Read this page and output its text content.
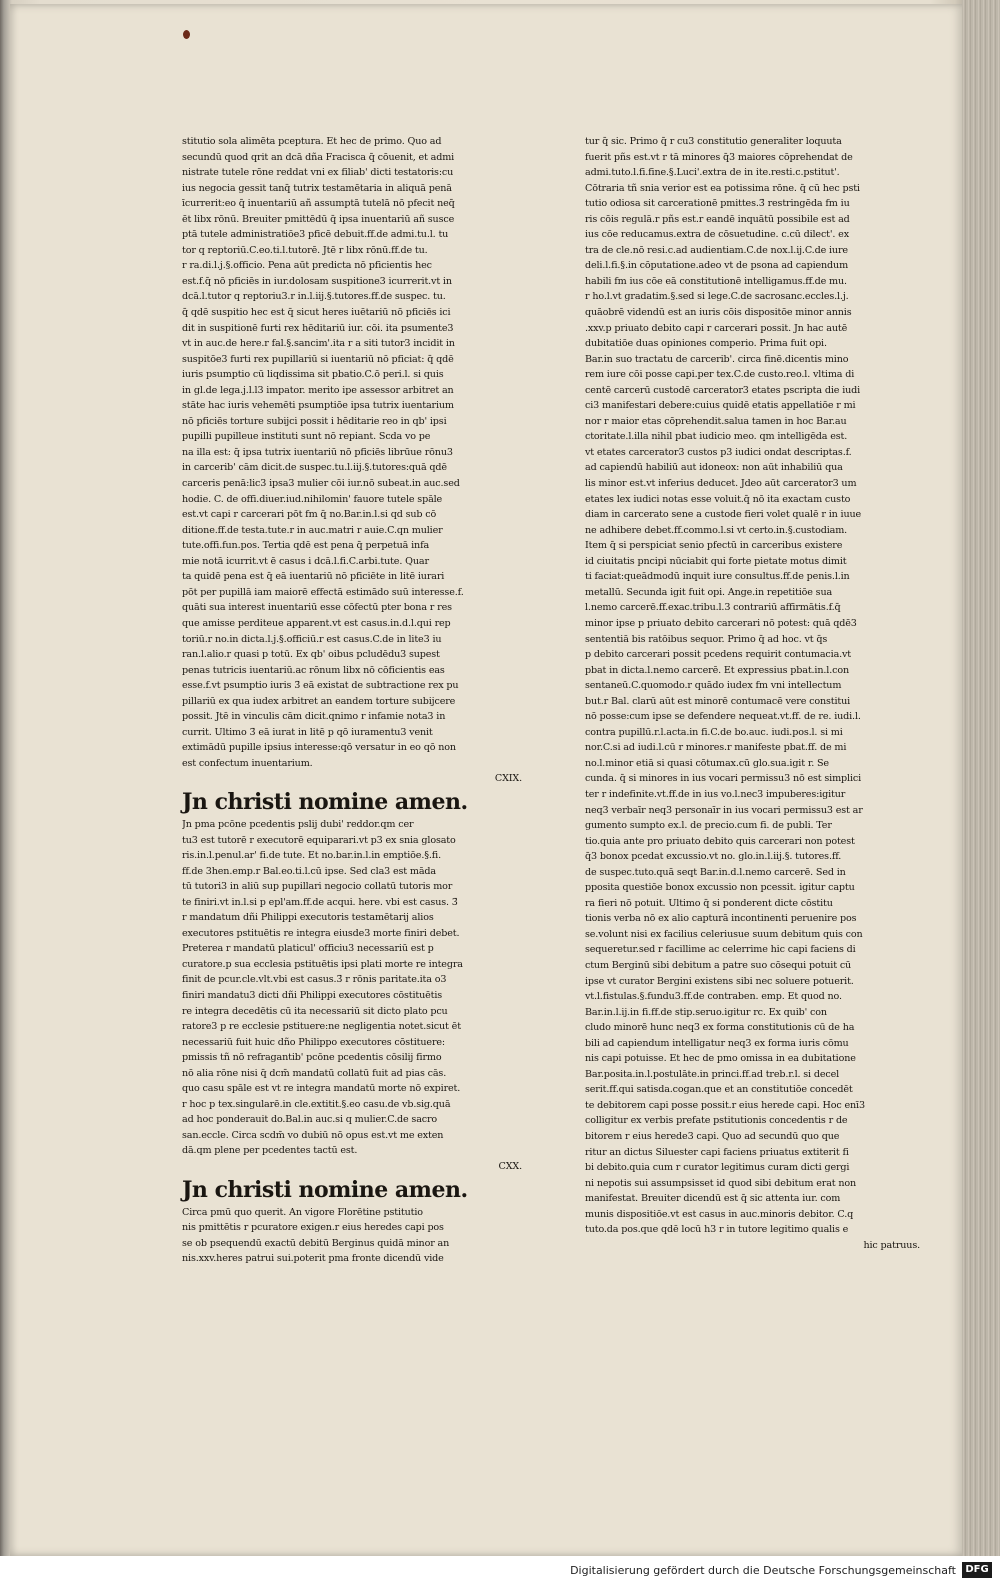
stitutio sola alimēta pceptura. Et hec de primo. Quo ad
secundū quod qrit an dcā dña Fracisca q̄ cōuenit, et admi
nistrate tutele rōne reddat vni ex filiab' dicti testatoris:cu
ius negocia gessit tanq̄ tutrix testamētaria in aliquā penā
īcurrerit:eo q̄ inuentariū añ assumptā tutelā nō pfecit neq̄
ēt libx rōnū. Breuiter pmittēdū q̄ ipsa inuentariū añ susce
ptā tutele administratiōe3 pficē debuit.ff.de admi.tu.l. tu
tor q reptoriū.C.eo.ti.l.tutorē. Jtē r libx rōnū.ff.de tu.
r ra.di.l.j.§.officio. Pena aūt predicta nō pficientis hec
est.f.q̄ nō pficiēs in iur.dolosam suspitione3 icurrerit.vt in
dcā.l.tutor q reptoriu3.r in.l.iij.§.tutores.ff.de suspec. tu.
q̄ qdē suspitio hec est q̄ sicut heres iuētariū nō pficiēs ici
dit in suspitionē furti rex hēditariū iur. cōi. ita psumente3
vt in auc.de here.r fal.§.sancim'.ita r a siti tutor3 incidit in
suspitōe3 furti rex pupillariū si iuentariū nō pficiat: q̄ qdē
iuris psumptio cū liqdissima sit pbatio.C.ō peri.l. si quis
in gl.de lega.j.l.l3 impator. merito ipe assessor arbitret an
stāte hac iuris vehemēti psumptiōe ipsa tutrix iuentarium
nō pficiēs torture subijci possit i hēditarie reo in qb' ipsi
pupilli pupilleue instituti sunt nō repiant. Scda vo pe
na illa est: q̄ ipsa tutrix iuentariū nō pficiēs librūue rōnu3
in carcerib' cām dicit.de suspec.tu.l.iij.§.tutores:quā qdē
carceris penā:lic3 ipsa3 mulier cōi iur.nō subeat.in auc.sed
hodie. C. de offi.diuer.iud.nihilomin' fauore tutele spāle
est.vt capi r carcerari pōt fm q̄ no.Bar.in.l.si qd sub cō
ditione.ff.de testa.tute.r in auc.matri r auie.C.qn mulier
tute.offi.fun.pos. Tertia qdē est pena q̄ perpetuā infa
mie notā icurrit.vt ē casus i dcā.l.fi.C.arbi.tute. Quar
ta quidē pena est q̄ eā iuentariū nō pficiēte in litē iurari
pōt per pupillā iam maiorē effectā estimādo suū interesse.f.
quāti sua interest inuentariū esse cōfectū pter bona r res
que amisse perditeue apparent.vt est casus.in.d.l.qui rep
toriū.r no.in dicta.l.j.§.officiū.r est casus.C.de in lite3 iu
ran.l.alio.r quasi p totū. Ex qb' oibus pcludēdu3 supest
penas tutricis iuentariū.ac rōnum libx nō cōficientis eas
esse.f.vt psumptio iuris 3̄ eā existat de subtractione rex pu
pillariū ex qua iudex arbitret an eandem torture subijcere
possit. Jtē in vinculis cām dicit.qnimo r infamie nota3 in
currit. Ultimo 3̄ eā iurat in litē p qō iuramentu3 venit
extimādū pupille ipsius interesse:qō versatur in eo qō non
est confectum inuentarium.
CXIX.
Jn christi nomine amen.
Jn pma pcōne pcedentis pslij dubi' reddor.qm cer
tu3 est tutorē r executorē equiparari.vt p3 ex snia glosato
ris.in.l.penul.ar' fi.de tute. Et no.bar.in.l.in emptiōe.§.fi.
ff.de 3hen.emp.r Bal.eo.ti.l.cū ipse. Sed cla3 est māda
tū tutori3 in aliū sup pupillari negocio collatū tutoris mor
te finiri.vt in.l.si p epl'am.ff.de acqui. here. vbi est casus. 3̄
r mandatum dñi Philippi executoris testamētarij alios
executores pstituētis re integra eiusde3 morte finiri debet.
Preterea r mandatū platicul' officiu3 necessariū est p
curatore.p sua ecclesia pstituētis ipsi plati morte re integra
finit de pcur.cle.vlt.vbi est casus.3̄ r rōnis paritate.ita o3
finiri mandatu3 dicti dñi Philippi executores cōstituētis
re integra decedētis cū ita necessariū sit dicto plato pcu
ratore3 p re ecclesie pstituere:ne negligentia notet.sicut ēt
necessariū fuit huic dño Philippo executores cōstituere:
pmissis tñ nō refragantib' pcōne pcedentis cōsilij firmo
nō alia rōne nisi q̄ dcm̄ mandatū collatū fuit ad pias cās.
quo casu spāle est vt re integra mandatū morte nō expiret.
r hoc p tex.singularē.in cle.extitit.§.eo casu.de vb.sig.quā
ad hoc ponderauit do.Bal.in auc.si q mulier.C.de sacro
san.eccle. Circa scdm̄ vo dubiū nō opus est.vt me exten
dā.qm plene per pcedentes tactū est.
CXX.
Jn christi nomine amen.
Circa pmū quo querit. An vigore Florētine pstitutio
nis pmittētis r pcuratore exigen.r eius heredes capi pos
se ob psequendū exactū debitū Berginus quidā minor an
nis.xxv.heres patrui sui.poterit pma fronte dicendū vide
tur q̄ sic. Primo q̄ r cu3 constitutio generaliter loquuta
fuerit pñs est.vt r tā minores q̄3 maiores cōprehendat de
admi.tuto.l.fi.fine.§.Luci'.extra de in ite.resti.c.pstitut'.
Cōtraria tñ snia verior est ea potissima rōne. q̄ cū hec psti
tutio odiosa sit carcerationē pmittes.3̄ restringēda fm iu
ris cōis regulā.r pñs est.r eandē inquātū possibile est ad
ius cōe reducamus.extra de cōsuetudine. c.cū dilect'. ex
tra de cle.nō resi.c.ad audientiam.C.de nox.l.ij.C.de iure
deli.l.fi.§.in cōputatione.adeo vt de psona ad capiendum
habili fm ius cōe eā constitutionē intelligamus.ff.de mu.
r ho.l.vt gradatim.§.sed si lege.C.de sacrosanc.eccles.l.j.
quāobrē videndū est an iuris cōis dispositōe minor annis
.xxv.p priuato debito capi r carcerari possit. Jn hac autē
dubitatiōe duas opiniones comperio. Prima fuit opi.
Bar.in suo tractatu de carcerib'. circa finē.dicentis mino
rem iure cōi posse capi.per tex.C.de custo.reo.l. vltima di
centē carcerū custodē carcerator3 etates pscripta die iudi
ci3 manifestari debere:cuius quidē etatis appellatiōe r mi
nor r maior etas cōprehendit.salua tamen in hoc Bar.au
ctoritate.l.illa nihil pbat iudicio meo. qm intelligēda est.
vt etates carcerator3 custos p3 iudici ondat descriptas.f.
ad capiendū habiliū aut idoneox: non aūt inhabiliū qua
lis minor est.vt inferius deducet. Jdeo aūt carcerator3 um
etates lex iudici notas esse voluit.q̄ nō ita exactam custo
diam in carcerato sene a custode fieri volet qualē r in iuue
ne adhibere debet.ff.commo.l.si vt certo.in.§.custodiam.
Item q̄ si perspiciat senio pfectū in carceribus existere
id ciuitatis pncipi nūciabit qui forte pietate motus dimit
ti faciat:queādmodū inquit iure consultus.ff.de penis.l.in
metallū. Secunda igit fuit opi. Ange.in repetitiōe sua
l.nemo carcerē.ff.exac.tribu.l.3 contrariū affirmātis.f.q̄
minor ipse p priuato debito carcerari nō potest: quā qdē3
sententiā bis ratōibus sequor. Primo q̄ ad hoc. vt q̄s
p debito carcerari possit pcedens requirit contumacia.vt
pbat in dicta.l.nemo carcerē. Et expressius pbat.in.l.con
sentaneū.C.quomodo.r quādo iudex fm vni intellectum
but.r Bal. clarū aūt est minorē contumacē vere constitui
nō posse:cum ipse se defendere nequeat.vt.ff. de re. iudi.l.
contra pupillū.r.l.acta.in fi.C.de bo.auc. iudi.pos.l. si mi
nor.C.si ad iudi.l.cū r minores.r manifeste pbat.ff. de mi
no.l.minor etiā si quasi cōtumax.cū glo.sua.igit r. Se
cunda. q̄ si minores in ius vocari permissu3 nō est simplici
ter r indefinite.vt.ff.de in ius vo.l.nec3 impuberes:igitur
neq3 verbaīr neq3 personaīr in ius vocari permissu3 est ar
gumento sumpto ex.l. de precio.cum fi. de publi. Ter
tio.quia ante pro priuato debito quis carcerari non potest
q̄3 bonox pcedat excussio.vt no. glo.in.l.iij.§. tutores.ff.
de suspec.tuto.quā seqt Bar.in.d.l.nemo carcerē. Sed in
pposita questiōe bonox excussio non pcessit. igitur captu
ra fieri nō potuit. Ultimo q̄ si ponderent dicte cōstitu
tionis verba nō ex alio capturā incontinenti peruenire pos
se.volunt nisi ex facilius celeriusue suum debitum quis con
sequeretur.sed r facillime ac celerrime hic capi faciens di
ctum Berginū sibi debitum a patre suo cōsequi potuit cū
ipse vt curator Bergini existens sibi nec soluere potuerit.
vt.l.fistulas.§.fundu3.ff.de contraben. emp. Et quod no.
Bar.in.l.ij.in fi.ff.de stip.seruo.igitur rc. Ex quib' con
cludo minorē hunc neq3 ex forma constitutionis cū de ha
bili ad capiendum intelligatur neq3 ex forma iuris cōmu
nis capi potuisse. Et hec de pmo omissa in ea dubitatione
Bar.posita.in.l.postulāte.in princi.ff.ad treb.r.l. si decel
serit.ff.qui satisda.cogan.que et an constitutiōe concedēt
te debitorem capi posse possit.r eius herede capi. Hoc enī3
colligitur ex verbis prefate pstitutionis concedentis r de
bitorem r eius herede3 capi. Quo ad secundū quo que
ritur an dictus Siluester capi faciens priuatus extiterit fi
bi debito.quia cum r curator legitimus curam dicti gergi
ni nepotis sui assumpsisset id quod sibi debitum erat non
manifestat. Breuiter dicendū est q̄ sic attenta iur. com
munis dispositiōe.vt est casus in auc.minoris debitor. C.q
tuto.da pos.que qdē locū h3 r in tutore legitimo qualis e
hic patruus.
Digitalisierung gefördert durch die Deutsche Forschungsgemeinschaft DFG
